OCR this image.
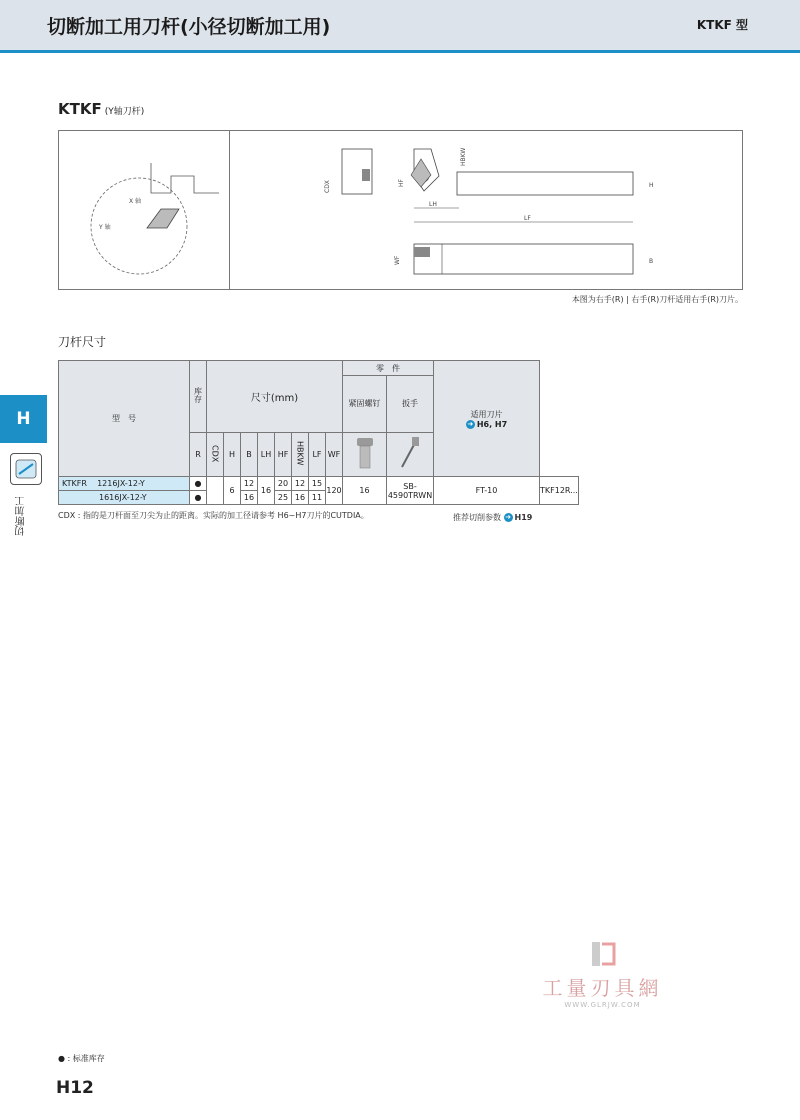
切断加工用刀杆(小径切断加工用)	KTKF 型
KTKF (Y轴刀杆)
X 轴
Y 轴
CDX
LH
LF
H
HF
HBKW
WF	B
本图为右手(R) | 右手(R)刀杆适用右手(R)刀片。
刀杆尺寸
型　号	库存	尺寸(mm)								零　件		适用刀片
➜ H6, H7	

										紧固螺钉	扳手		
	R	CDX	H	B	LH	HF	HBKW	LF	WF		
KTKFR 1216JX-12-Y	●		6	12	16	20	12	15	120	16	SB-4590TRWN	FT-10	TKF12R...
1616JX-12-Y	●			16		25	16	11					
CDX : 指的是刀杆面至刀尖为止的距离。实际的加工径请参考 H6~H7刀片的CUTDIA。	推荐切削参数 ➜ H19
H
切断加工
工量刃具網
WWW.GLRJW.COM
● : 标准库存
H12
